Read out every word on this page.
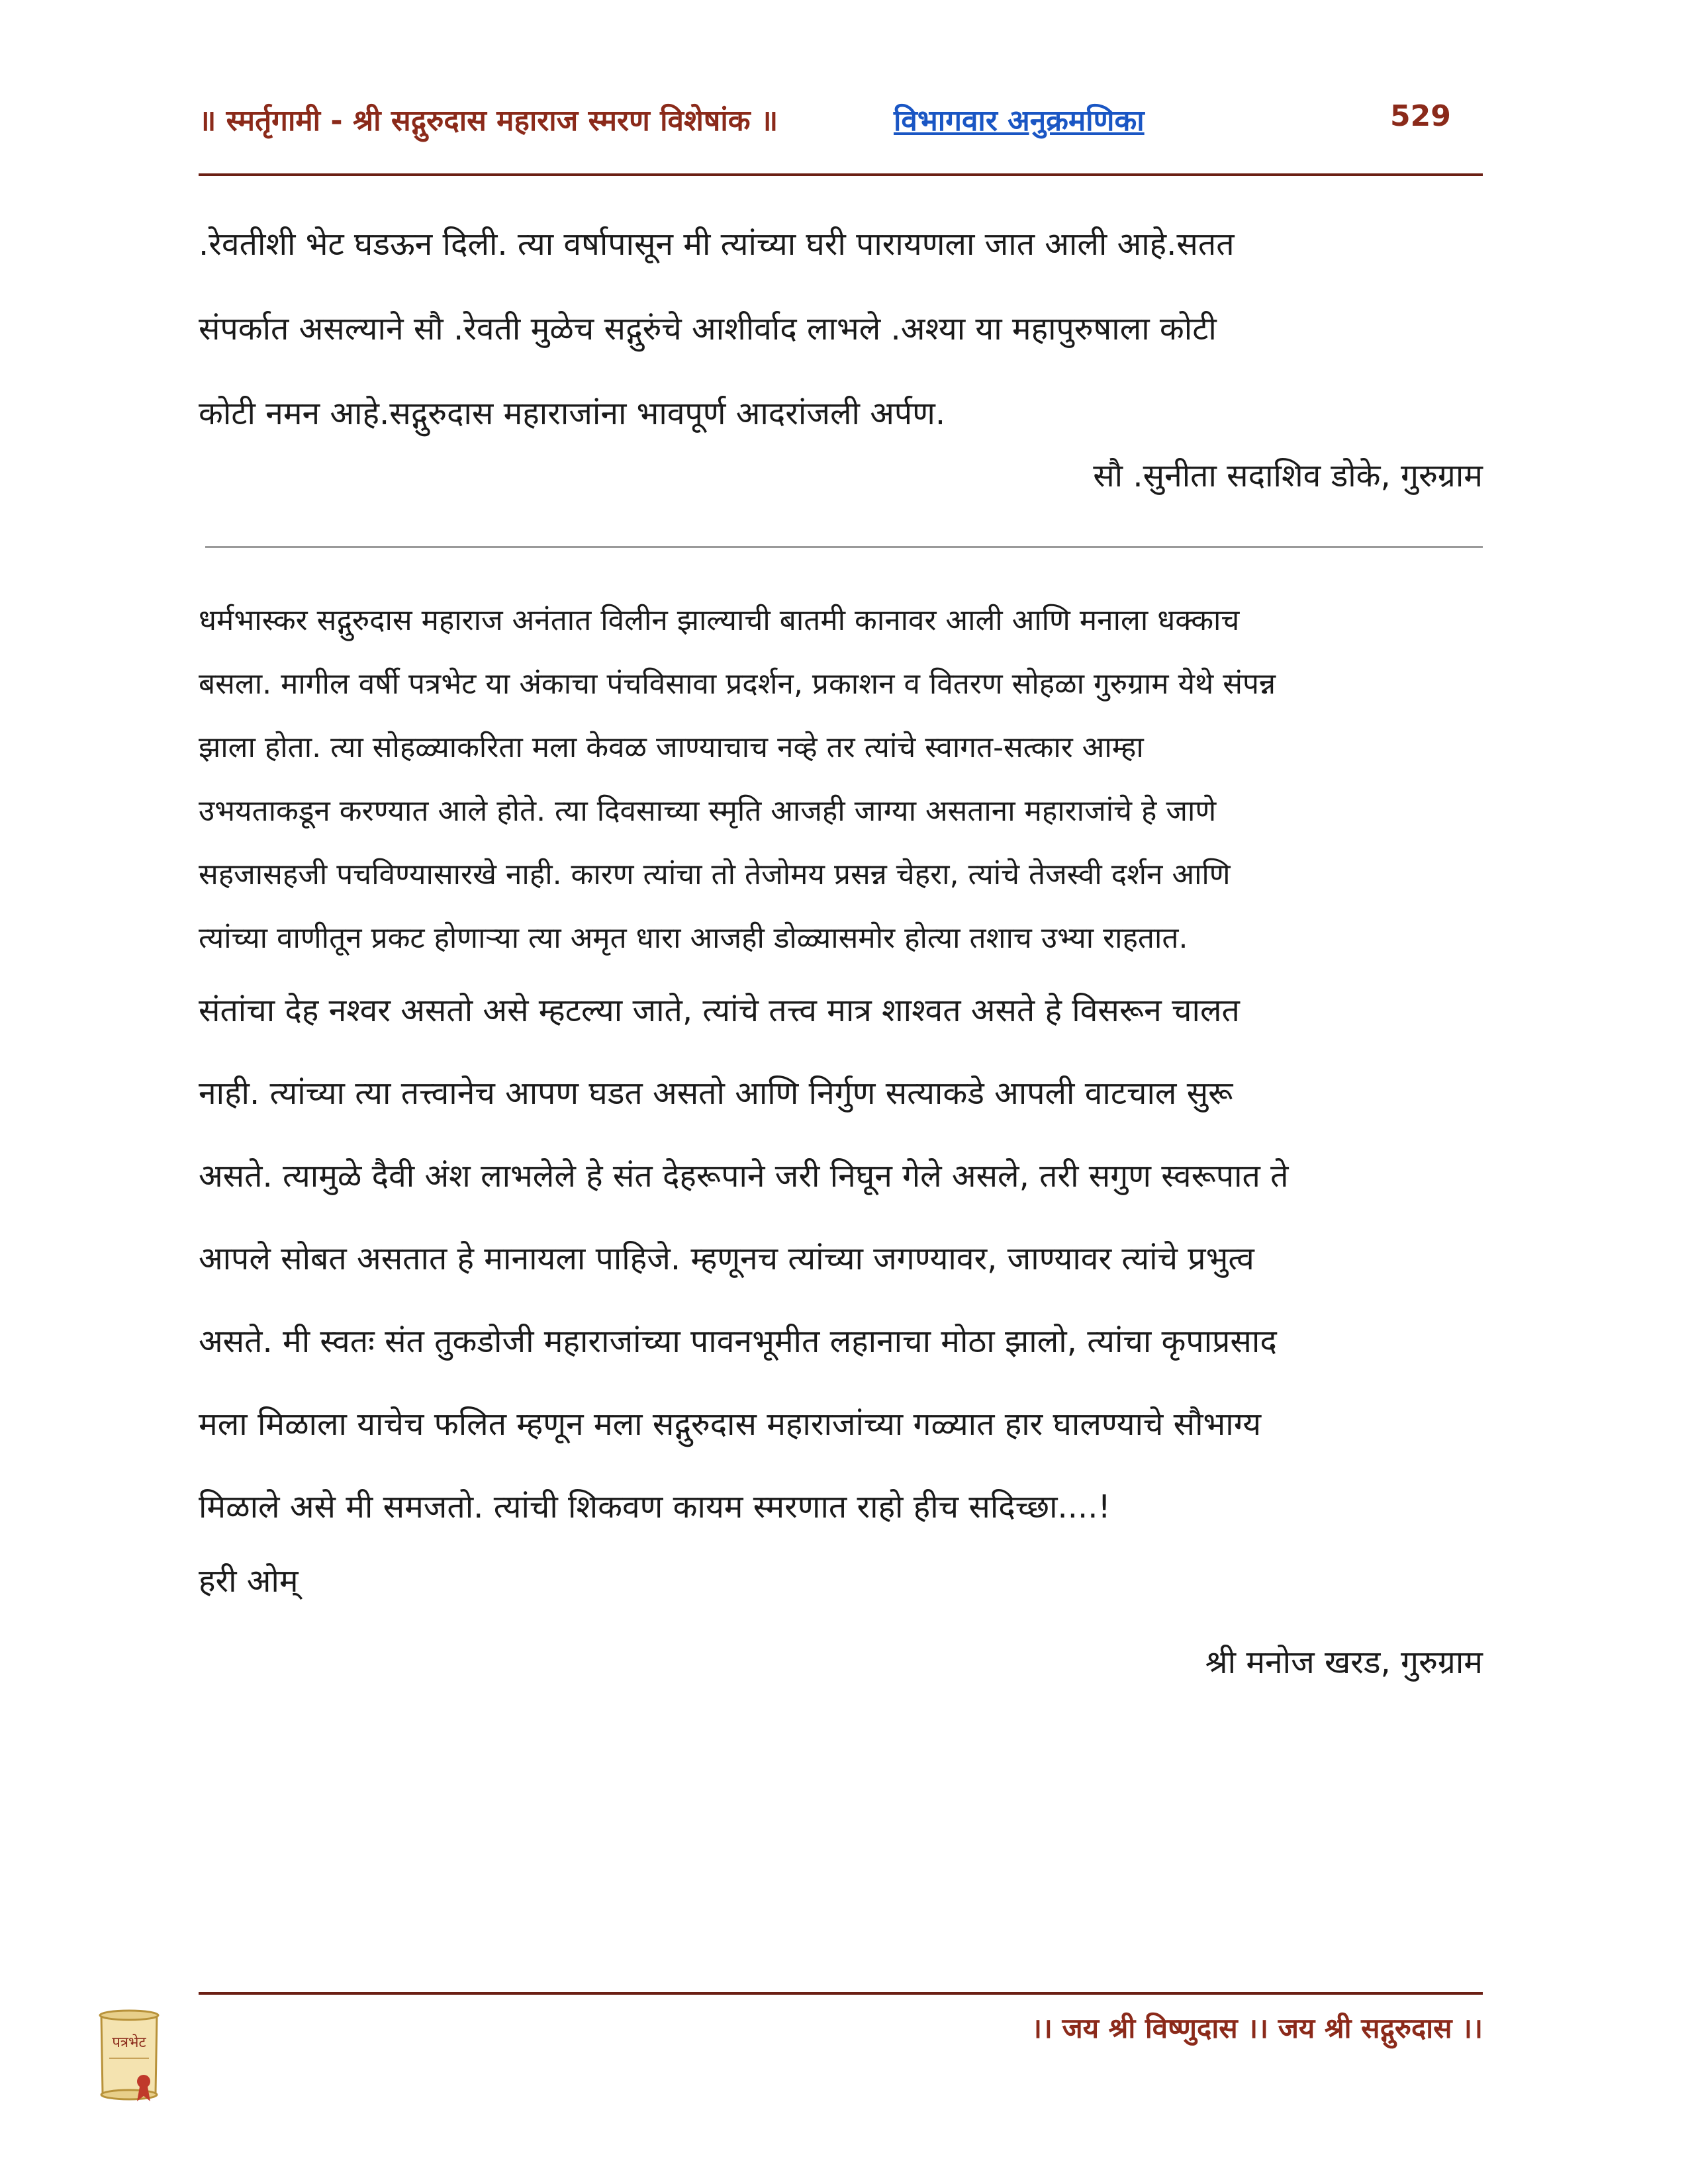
॥ स्मर्तृगामी - श्री सद्गुरुदास महाराज स्मरण विशेषांक ॥	विभागवार अनुक्रमणिका	529
.रेवतीशी भेट घडऊन दिली. त्या वर्षापासून मी त्यांच्या घरी पारायणला जात आली आहे.सतत
संपर्कात असल्याने सौ .रेवती मुळेच सद्गुरुंचे आशीर्वाद लाभले .अश्या या महापुरुषाला कोटी
कोटी नमन आहे.सद्गुरुदास महाराजांना भावपूर्ण आदरांजली अर्पण.
सौ .सुनीता सदाशिव डोके, गुरुग्राम
धर्मभास्कर सद्गुरुदास महाराज अनंतात विलीन झाल्याची बातमी कानावर आली आणि मनाला धक्काच
बसला. मागील वर्षी पत्रभेट या अंकाचा पंचविसावा प्रदर्शन, प्रकाशन व वितरण सोहळा गुरुग्राम येथे संपन्न
झाला होता. त्या सोहळ्याकरिता मला केवळ जाण्याचाच नव्हे तर त्यांचे स्वागत-सत्कार आम्हा
उभयताकडून करण्यात आले होते. त्या दिवसाच्या स्मृति आजही जाग्या असताना महाराजांचे हे जाणे
सहजासहजी पचविण्यासारखे नाही. कारण त्यांचा तो तेजोमय प्रसन्न चेहरा, त्यांचे तेजस्वी दर्शन आणि
त्यांच्या वाणीतून प्रकट होणाऱ्या त्या अमृत धारा आजही डोळ्यासमोर होत्या तशाच उभ्या राहतात.
संतांचा देह नश्वर असतो असे म्हटल्या जाते, त्यांचे तत्त्व मात्र शाश्वत असते हे विसरून चालत
नाही. त्यांच्या त्या तत्त्वानेच आपण घडत असतो आणि निर्गुण सत्याकडे आपली वाटचाल सुरू
असते. त्यामुळे दैवी अंश लाभलेले हे संत देहरूपाने जरी निघून गेले असले, तरी सगुण स्वरूपात ते
आपले सोबत असतात हे मानायला पाहिजे. म्हणूनच त्यांच्या जगण्यावर, जाण्यावर त्यांचे प्रभुत्व
असते. मी स्वतः संत तुकडोजी महाराजांच्या पावनभूमीत लहानाचा मोठा झालो, त्यांचा कृपाप्रसाद
मला मिळाला याचेच फलित म्हणून मला सद्गुरुदास महाराजांच्या गळ्यात हार घालण्याचे सौभाग्य
मिळाले असे मी समजतो. त्यांची शिकवण कायम स्मरणात राहो हीच सदिच्छा....!
हरी ओम्
श्री मनोज खरड, गुरुग्राम
पत्रभेट	।। जय श्री विष्णुदास ।। जय श्री सद्गुरुदास ।।
